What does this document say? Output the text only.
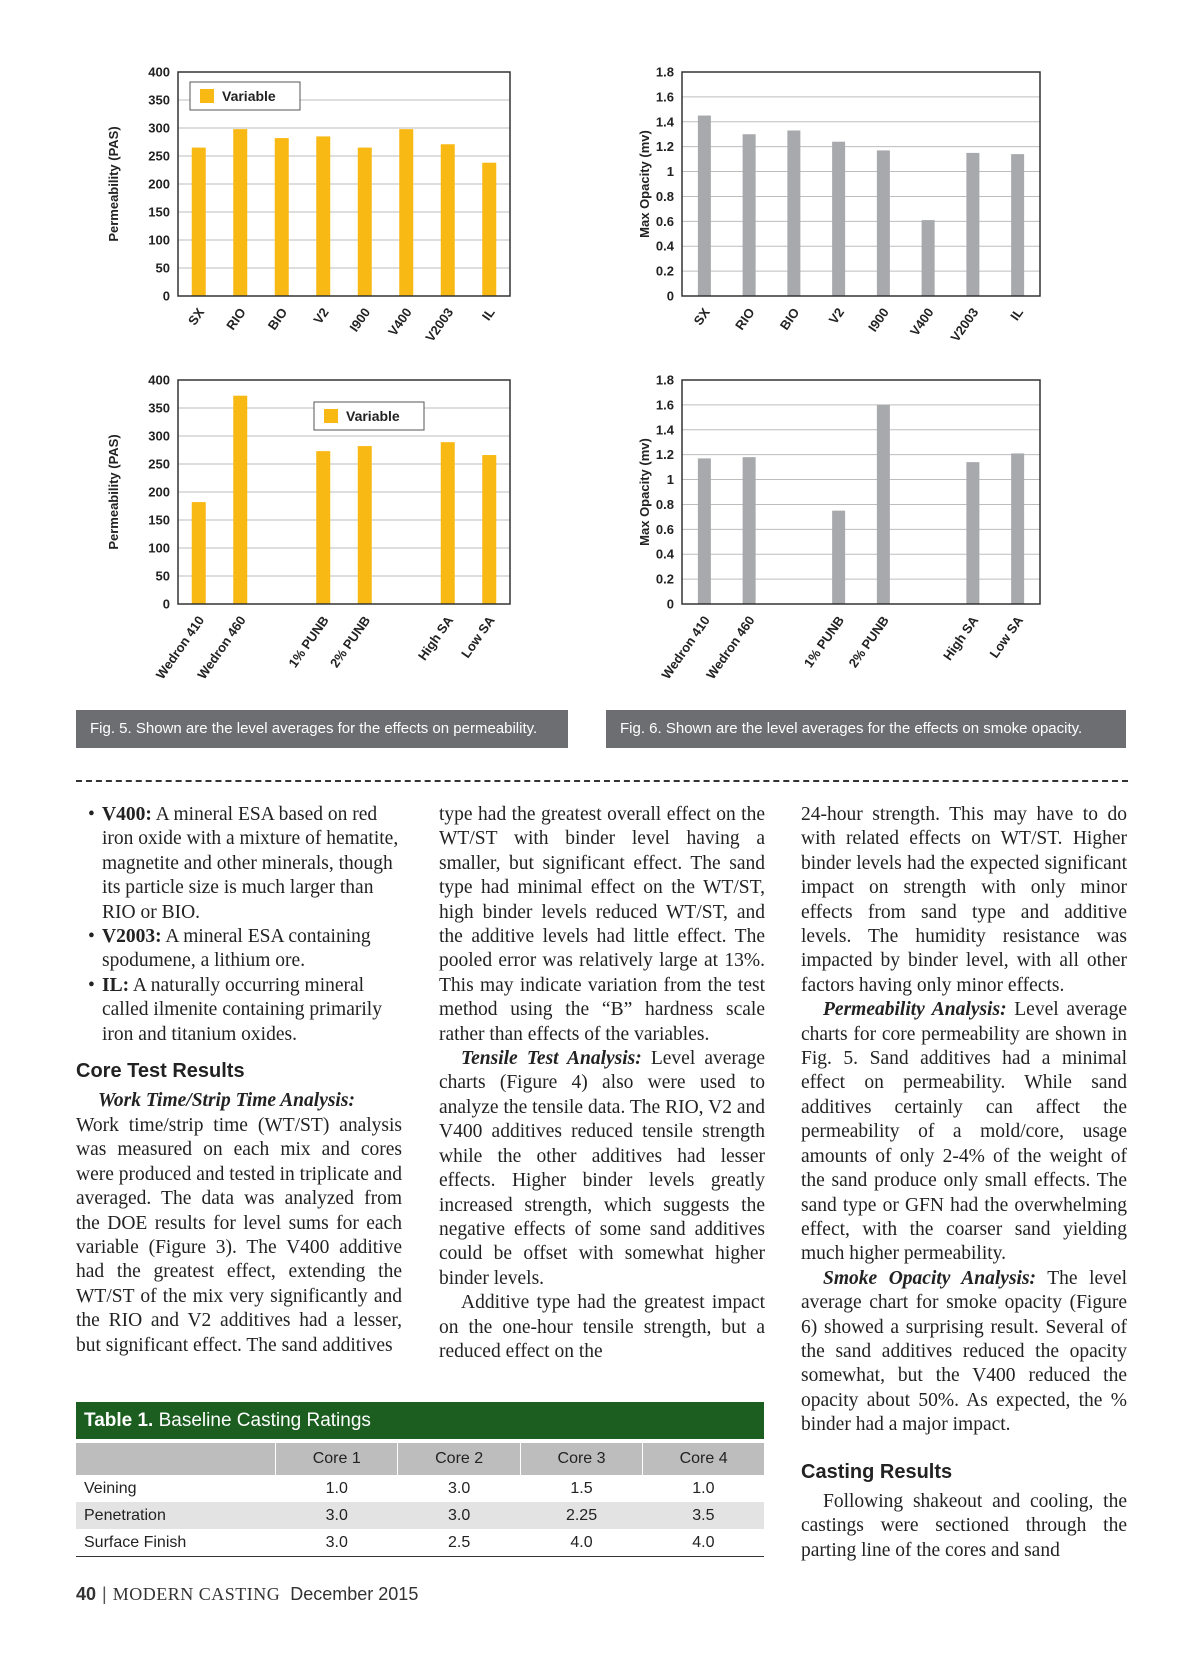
0
50
100
150
200
250
300
350
400
SX RIO BIO V2 I900 V400 V2003 IL
Permeability (PAS)
Variable
0
0.2
0.4
0.6
0.8
1
1.2
1.4
1.6
1.8
SX RIO BIO V2 I900 V400 V2003 IL
Max Opacity (mv)
0
50
100
150
200
250
300
350
400
Wedron 410
Wedron 460	1% PUNB
2% PUNB	High SA Low SA
Permeability (PAS)
Variable
0
0.2
0.4
0.6
0.8
1
1.2
1.4
1.6
1.8
Wedron 410
Wedron 460	1% PUNB
2% PUNB	High SA Low SA
Max Opacity (mv)
Fig. 5. Shown are the level averages for the effects on permeability.	Fig. 6. Shown are the level averages for the effects on smoke opacity.
• V400: A mineral ESA based on red iron oxide with a mixture of hematite, magnetite and other minerals, though its particle size is much larger than RIO or BIO.
• V2003: A mineral ESA containing spodumene, a lithium ore.
• IL: A naturally occurring mineral called ilmenite containing primarily iron and titanium oxides.
Core Test Results

Work Time/Strip Time Analysis:

Work time/strip time (WT/ST) analysis was measured on each mix and cores were produced and tested in triplicate and averaged. The data was analyzed from the DOE results for level sums for each variable (Figure 3). The V400 additive had the greatest effect, extending the WT/ST of the mix very significantly and the RIO and V2 additives had a lesser, but significant effect. The sand additives

type had the greatest overall effect on the WT/ST with binder level having a smaller, but significant effect. The sand type had minimal effect on the WT/ST, high binder levels reduced WT/ST, and the additive levels had little effect. The pooled error was relatively large at 13%. This may indicate variation from the test method using the “B” hardness scale rather than effects of the variables.

Tensile Test Analysis: Level average charts (Figure 4) also were used to analyze the tensile data. The RIO, V2 and V400 additives reduced tensile strength while the other additives had lesser effects. Higher binder levels greatly increased strength, which suggests the negative effects of some sand additives could be offset with somewhat higher binder levels.

Additive type had the greatest impact on the one-hour tensile strength, but a reduced effect on the

24-hour strength. This may have to do with related effects on WT/ST. Higher binder levels had the expected significant impact on strength with only minor effects from sand type and additive levels. The humidity resistance was impacted by binder level, with all other factors having only minor effects.

Permeability Analysis: Level average charts for core permeability are shown in Fig. 5. Sand additives had a minimal effect on permeability. While sand additives certainly can affect the permeability of a mold/core, usage amounts of only 2-4% of the weight of the sand produce only small effects. The sand type or GFN had the overwhelming effect, with the coarser sand yielding much higher permeability.

Smoke Opacity Analysis: The level average chart for smoke opacity (Figure 6) showed a surprising result. Several of the sand additives reduced the opacity somewhat, but the V400 reduced the opacity about 50%. As expected, the % binder had a major impact.

Casting Results

Following shakeout and cooling, the castings were sectioned through the parting line of the cores and sand

Table 1. Baseline Casting Ratings
	Core 1	Core 2	Core 3	Core 4
Veining	1.0	3.0	1.5	1.0
Penetration	3.0	3.0	2.25	3.5
Surface Finish	3.0	2.5	4.0	4.0
40 | MODERN CASTING December 2015
